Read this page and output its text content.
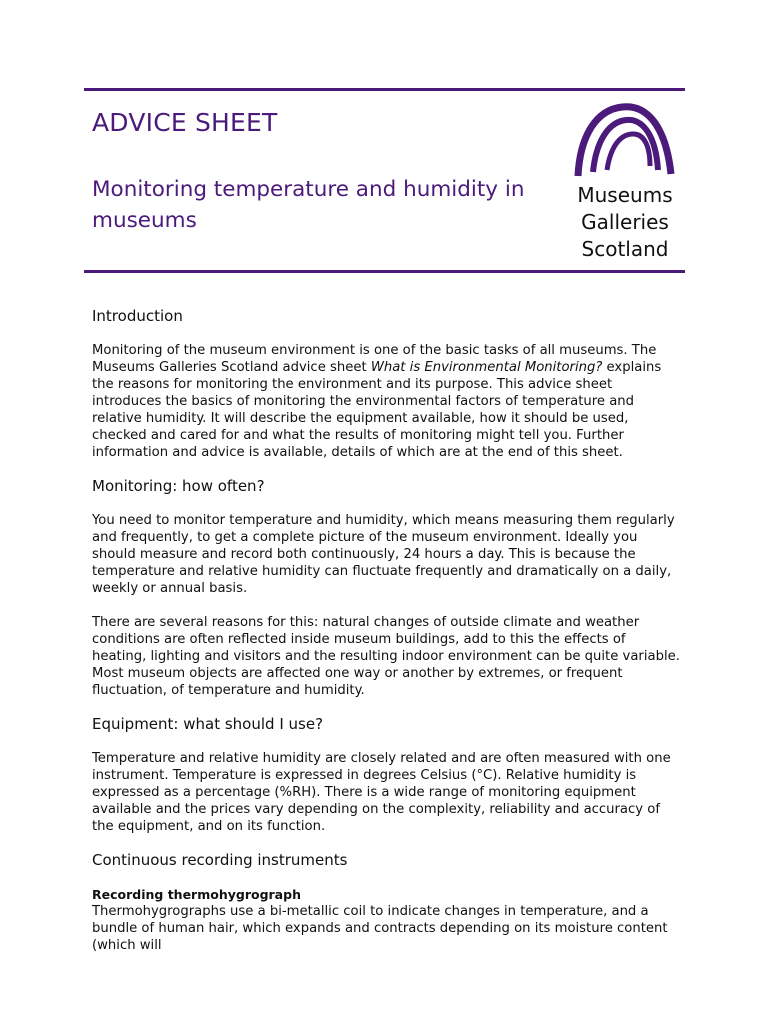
ADVICE SHEET
Monitoring temperature and humidity in museums
Museums
Galleries
Scotland
Introduction

Monitoring of the museum environment is one of the basic tasks of all museums. The Museums Galleries Scotland advice sheet What is Environmental Monitoring? explains the reasons for monitoring the environment and its purpose. This advice sheet introduces the basics of monitoring the environmental factors of temperature and relative humidity. It will describe the equipment available, how it should be used, checked and cared for and what the results of monitoring might tell you. Further information and advice is available, details of which are at the end of this sheet.

Monitoring: how often?

You need to monitor temperature and humidity, which means measuring them regularly and frequently, to get a complete picture of the museum environment. Ideally you should measure and record both continuously, 24 hours a day. This is because the temperature and relative humidity can fluctuate frequently and dramatically on a daily, weekly or annual basis.

There are several reasons for this: natural changes of outside climate and weather conditions are often reflected inside museum buildings, add to this the effects of heating, lighting and visitors and the resulting indoor environment can be quite variable. Most museum objects are affected one way or another by extremes, or frequent fluctuation, of temperature and humidity.

Equipment: what should I use?

Temperature and relative humidity are closely related and are often measured with one instrument. Temperature is expressed in degrees Celsius (°C). Relative humidity is expressed as a percentage (%RH). There is a wide range of monitoring equipment available and the prices vary depending on the complexity, reliability and accuracy of the equipment, and on its function.

Continuous recording instruments
Recording thermohygrograph

Thermohygrographs use a bi-metallic coil to indicate changes in temperature, and a bundle of human hair, which expands and contracts depending on its moisture content (which will
